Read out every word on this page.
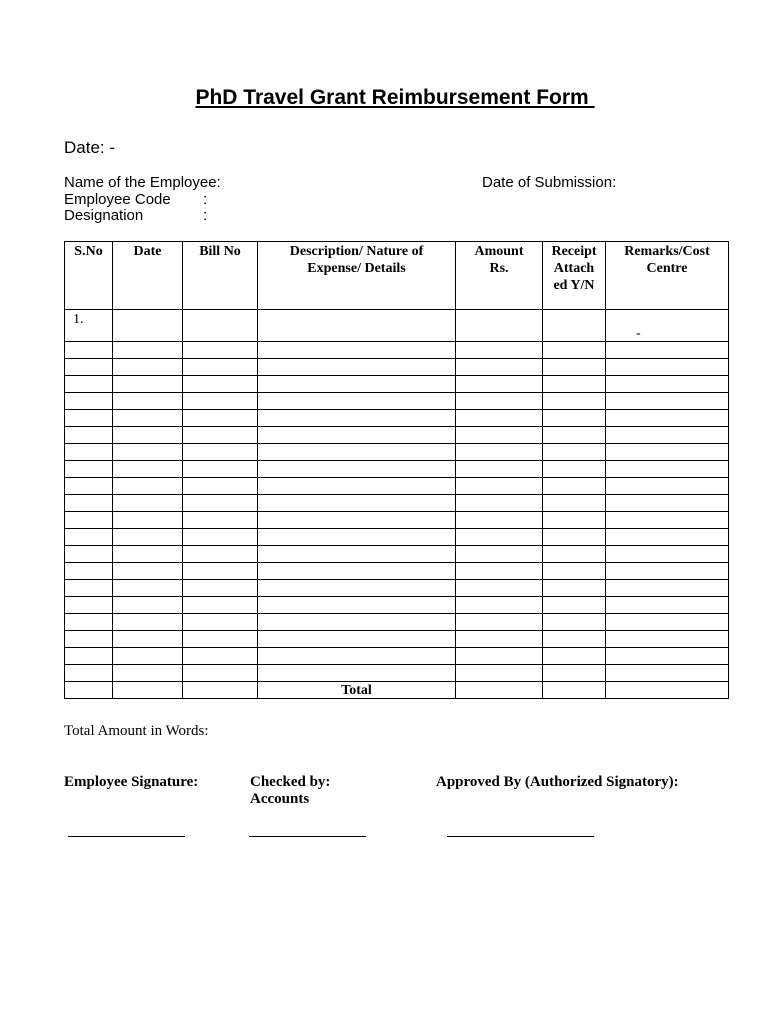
PhD Travel Grant Reimbursement Form
Date: -
Name of the Employee:	Date of Submission:
Employee Code :
Designation	:
S.No	Date	Bill No	Description/ Nature of Expense/ Details	Amount Rs.	Receipt Attach ed Y/N	Remarks/Cost Centre
1.						-

			Total			
Total Amount in Words:
Employee Signature:	Checked by:
Accounts
Approved By (Authorized Signatory):
